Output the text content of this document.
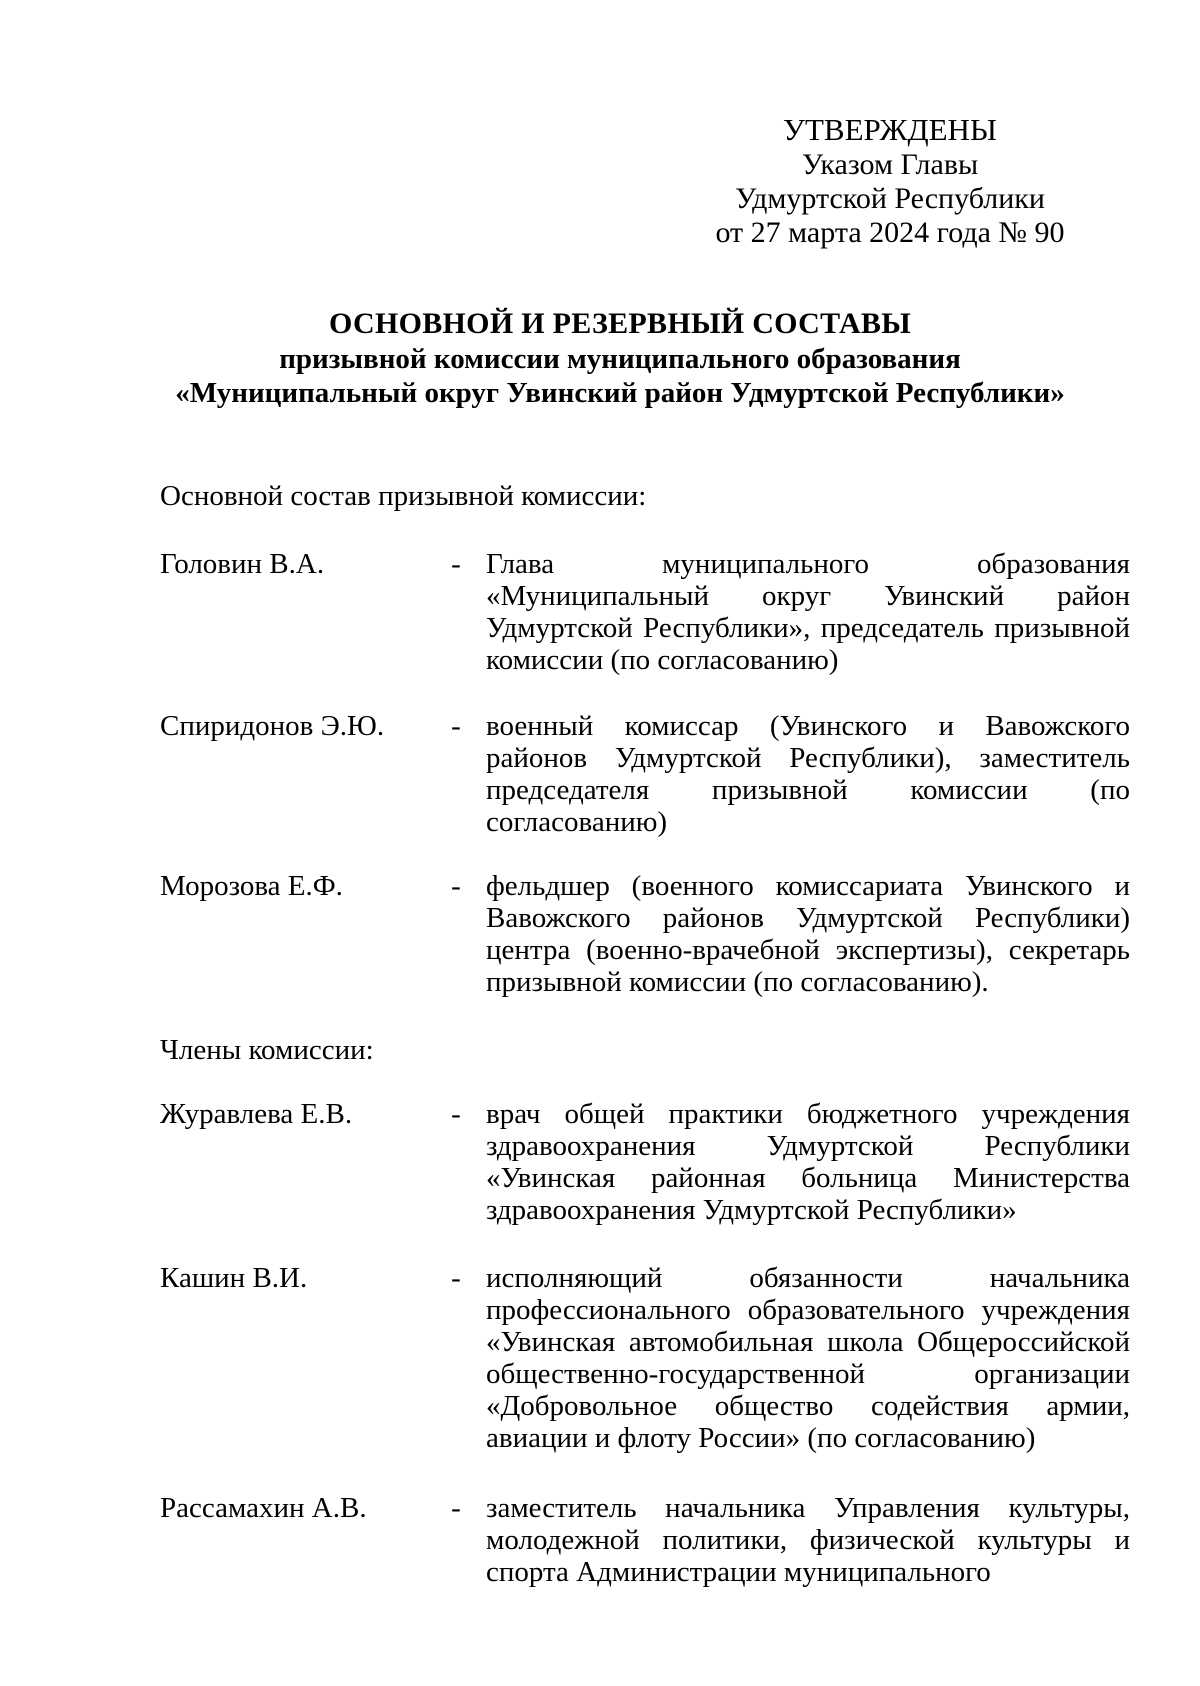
УТВЕРЖДЕНЫ
Указом Главы
Удмуртской Республики
от 27 марта 2024 года № 90
ОСНОВНОЙ И РЕЗЕРВНЫЙ СОСТАВЫ
призывной комиссии муниципального образования
«Муниципальный округ Увинский район Удмуртской Республики»
Основной состав призывной комиссии:
Головин В.А.	- Глава муниципального образования «Муниципальный округ Увинский район Удмуртской Республики», председатель призывной комиссии (по согласованию)
Спиридонов Э.Ю.	- военный комиссар (Увинского и Вавожского районов Удмуртской Республики), заместитель председателя призывной комиссии (по согласованию)
Морозова Е.Ф.	- фельдшер (военного комиссариата Увинского и Вавожского районов Удмуртской Республики) центра (военно-врачебной экспертизы), секретарь призывной комиссии (по согласованию).
Члены комиссии:
Журавлева Е.В.	- врач общей практики бюджетного учреждения здравоохранения Удмуртской Республики «Увинская районная больница Министерства здравоохранения Удмуртской Республики»
Кашин В.И.	- исполняющий обязанности начальника профессионального образовательного учреждения «Увинская автомобильная школа Общероссийской общественно-государственной организации «Добровольное общество содействия армии, авиации и флоту России» (по согласованию)
Рассамахин А.В.	- заместитель начальника Управления культуры, молодежной политики, физической культуры и спорта Администрации муниципального
